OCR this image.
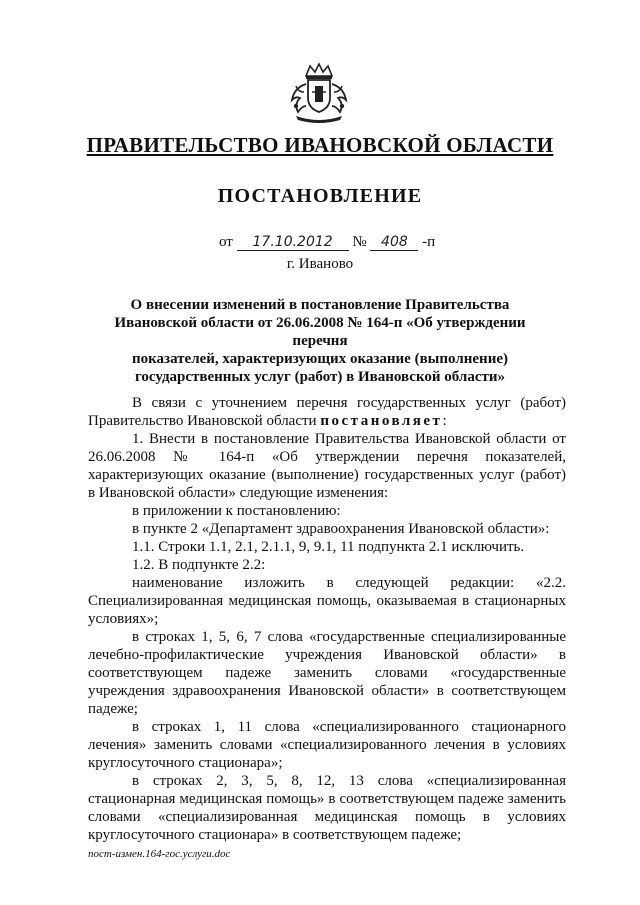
ПРАВИТЕЛЬСТВО ИВАНОВСКОЙ ОБЛАСТИ
ПОСТАНОВЛЕНИЕ
от 17.10.2012 № 408 -п
г. Иваново
О внесении изменений в постановление Правительства
Ивановской области от 26.06.2008 № 164-п «Об утверждении перечня
показателей, характеризующих оказание (выполнение)
государственных услуг (работ) в Ивановской области»

В связи с уточнением перечня государственных услуг (работ) Правительство Ивановской области постановляет:

1. Внести в постановление Правительства Ивановской области от 26.06.2008 № 164-п «Об утверждении перечня показателей, характеризующих оказание (выполнение) государственных услуг (работ) в Ивановской области» следующие изменения:

в приложении к постановлению:

в пункте 2 «Департамент здравоохранения Ивановской области»:

1.1. Строки 1.1, 2.1, 2.1.1, 9, 9.1, 11 подпункта 2.1 исключить.

1.2. В подпункте 2.2:

наименование изложить в следующей редакции: «2.2. Специализированная медицинская помощь, оказываемая в стационарных условиях»;

в строках 1, 5, 6, 7 слова «государственные специализированные лечебно-профилактические учреждения Ивановской области» в соответствующем падеже заменить словами «государственные учреждения здравоохранения Ивановской области» в соответствующем падеже;

в строках 1, 11 слова «специализированного стационарного лечения» заменить словами «специализированного лечения в условиях круглосуточного стационара»;

в строках 2, 3, 5, 8, 12, 13 слова «специализированная стационарная медицинская помощь» в соответствующем падеже заменить словами «специализированная медицинская помощь в условиях круглосуточного стационара» в соответствующем падеже;

пост-измен.164-гос.услуги.doc
